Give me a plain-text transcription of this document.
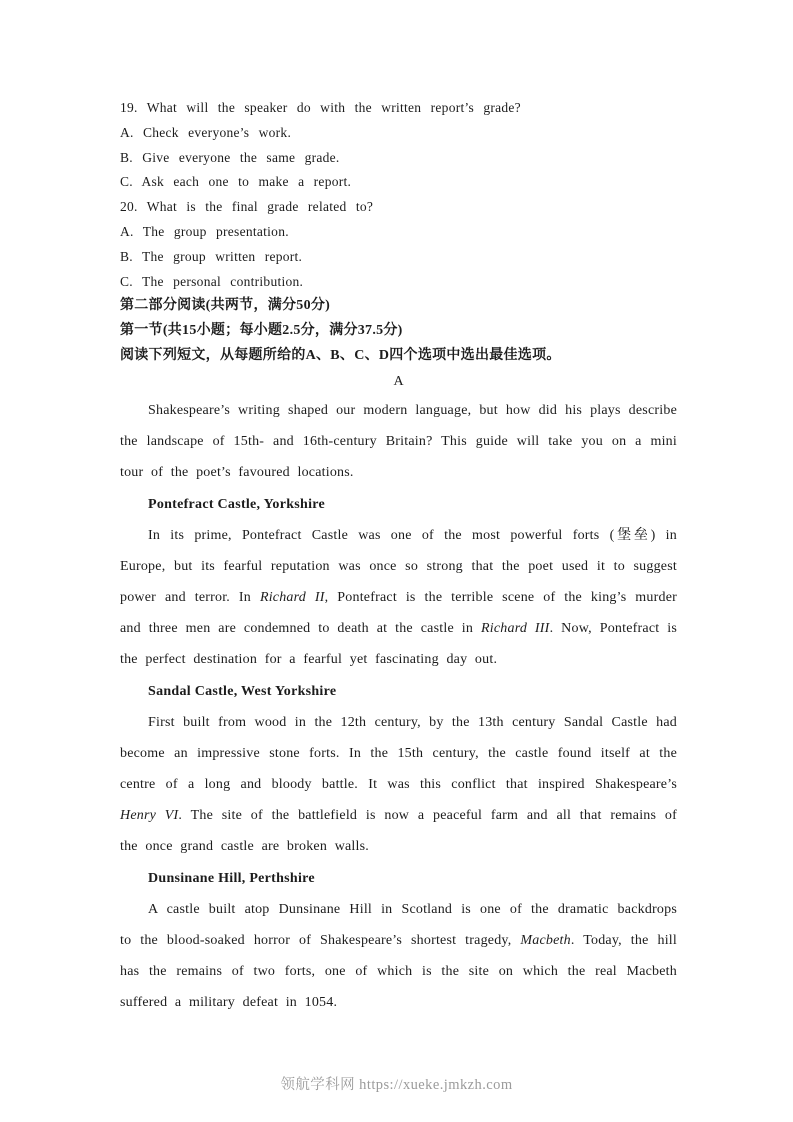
19. What will the speaker do with the written report’s grade?

A. Check everyone’s work.

B. Give everyone the same grade.

C. Ask each one to make a report.

20. What is the final grade related to?

A. The group presentation.

B. The group written report.

C. The personal contribution.

第二部分阅读(共两节，满分50分)

第一节(共15小题；每小题2.5分，满分37.5分)

阅读下列短文，从每题所给的A、B、C、D四个选项中选出最佳选项。

A

Shakespeare’s writing shaped our modern language, but how did his plays describe the landscape of 15th- and 16th-century Britain? This guide will take you on a mini tour of the poet’s favoured locations.

Pontefract Castle, Yorkshire

In its prime, Pontefract Castle was one of the most powerful forts (堡垒) in Europe, but its fearful reputation was once so strong that the poet used it to suggest power and terror. In Richard II, Pontefract is the terrible scene of the king’s murder and three men are condemned to death at the castle in Richard III. Now, Pontefract is the perfect destination for a fearful yet fascinating day out.

Sandal Castle, West Yorkshire

First built from wood in the 12th century, by the 13th century Sandal Castle had become an impressive stone forts. In the 15th century, the castle found itself at the centre of a long and bloody battle. It was this conflict that inspired Shakespeare’s Henry VI. The site of the battlefield is now a peaceful farm and all that remains of the once grand castle are broken walls.

Dunsinane Hill, Perthshire

A castle built atop Dunsinane Hill in Scotland is one of the dramatic backdrops to the blood-soaked horror of Shakespeare’s shortest tragedy, Macbeth. Today, the hill has the remains of two forts, one of which is the site on which the real Macbeth suffered a military defeat in 1054.

领航学科网 https://xueke.jmkzh.com
